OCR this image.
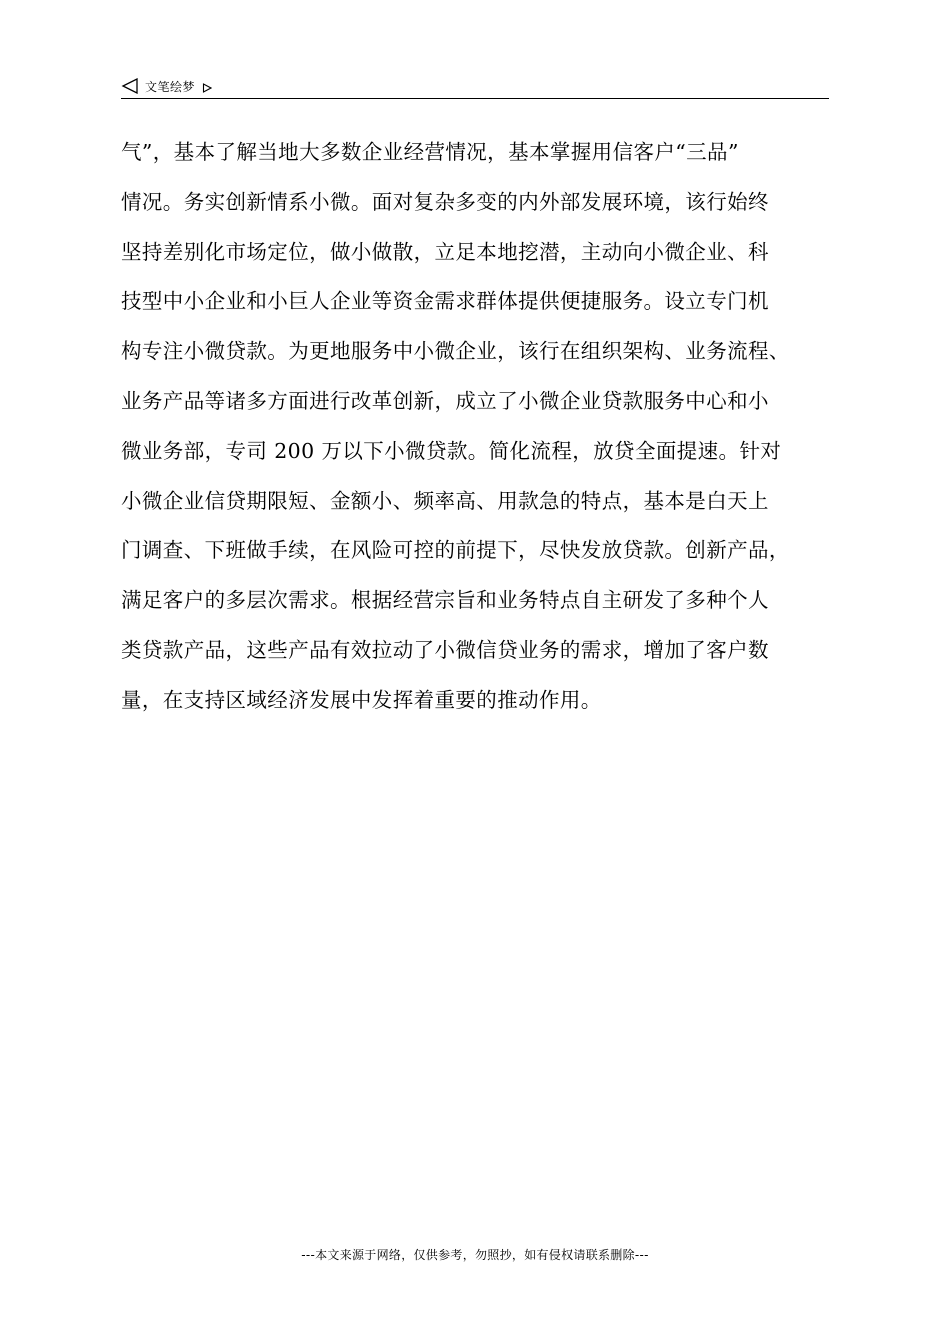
文笔绘梦
气”，基本了解当地大多数企业经营情况，基本掌握用信客户“三品”
情况。务实创新情系小微。面对复杂多变的内外部发展环境，该行始终
坚持差别化市场定位，做小做散，立足本地挖潜，主动向小微企业、科
技型中小企业和小巨人企业等资金需求群体提供便捷服务。设立专门机
构专注小微贷款。为更地服务中小微企业，该行在组织架构、业务流程、
业务产品等诸多方面进行改革创新，成立了小微企业贷款服务中心和小
微业务部，专司 200 万以下小微贷款。简化流程，放贷全面提速。针对
小微企业信贷期限短、金额小、频率高、用款急的特点，基本是白天上
门调查、下班做手续，在风险可控的前提下，尽快发放贷款。创新产品，
满足客户的多层次需求。根据经营宗旨和业务特点自主研发了多种个人
类贷款产品，这些产品有效拉动了小微信贷业务的需求，增加了客户数
量，在支持区域经济发展中发挥着重要的推动作用。
---本文来源于网络，仅供参考，勿照抄，如有侵权请联系删除---
